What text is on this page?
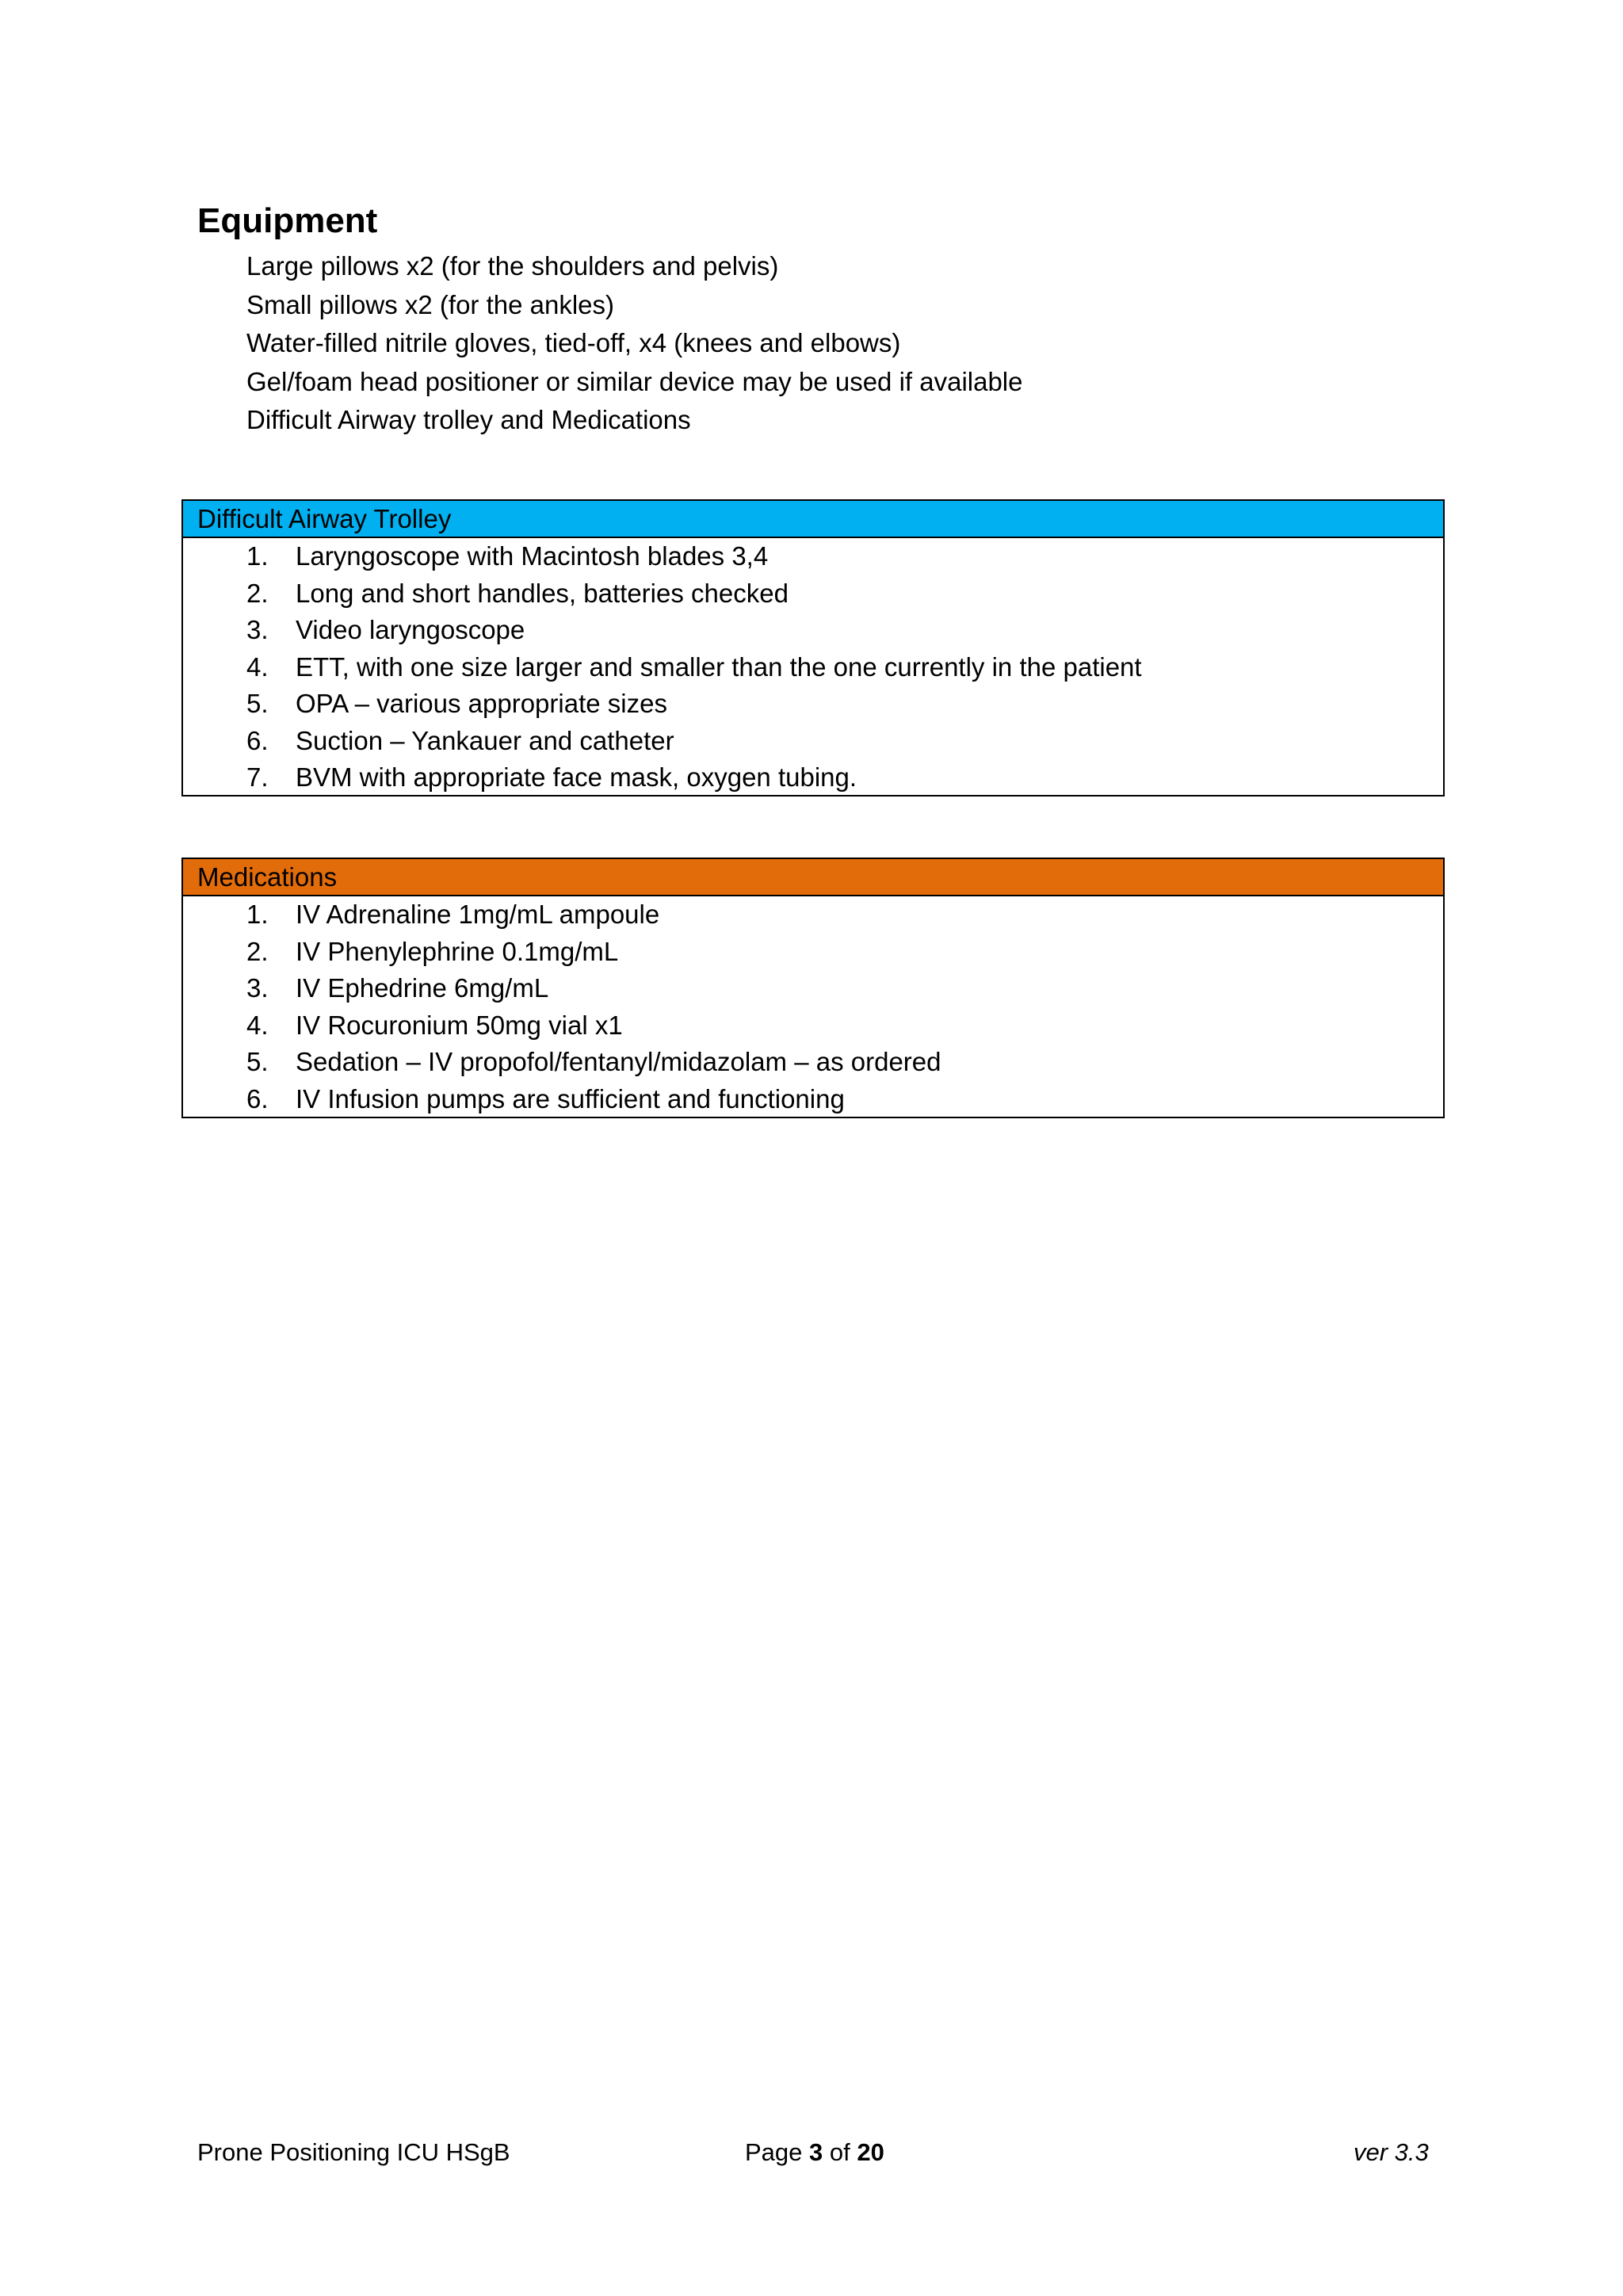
Equipment
Large pillows x2 (for the shoulders and pelvis)
Small pillows x2 (for the ankles)
Water-filled nitrile gloves, tied-off, x4 (knees and elbows)
Gel/foam head positioner or similar device may be used if available
Difficult Airway trolley and Medications
Difficult Airway Trolley
1. Laryngoscope with Macintosh blades 3,4
2. Long and short handles, batteries checked
3. Video laryngoscope
4. ETT, with one size larger and smaller than the one currently in the patient
5. OPA – various appropriate sizes
6. Suction – Yankauer and catheter
7. BVM with appropriate face mask, oxygen tubing.
Medications
1. IV Adrenaline 1mg/mL ampoule
2. IV Phenylephrine 0.1mg/mL
3. IV Ephedrine 6mg/mL
4. IV Rocuronium 50mg vial x1
5. Sedation – IV propofol/fentanyl/midazolam – as ordered
6. IV Infusion pumps are sufficient and functioning
Prone Positioning ICU HSgB	Page 3 of 20	ver 3.3
